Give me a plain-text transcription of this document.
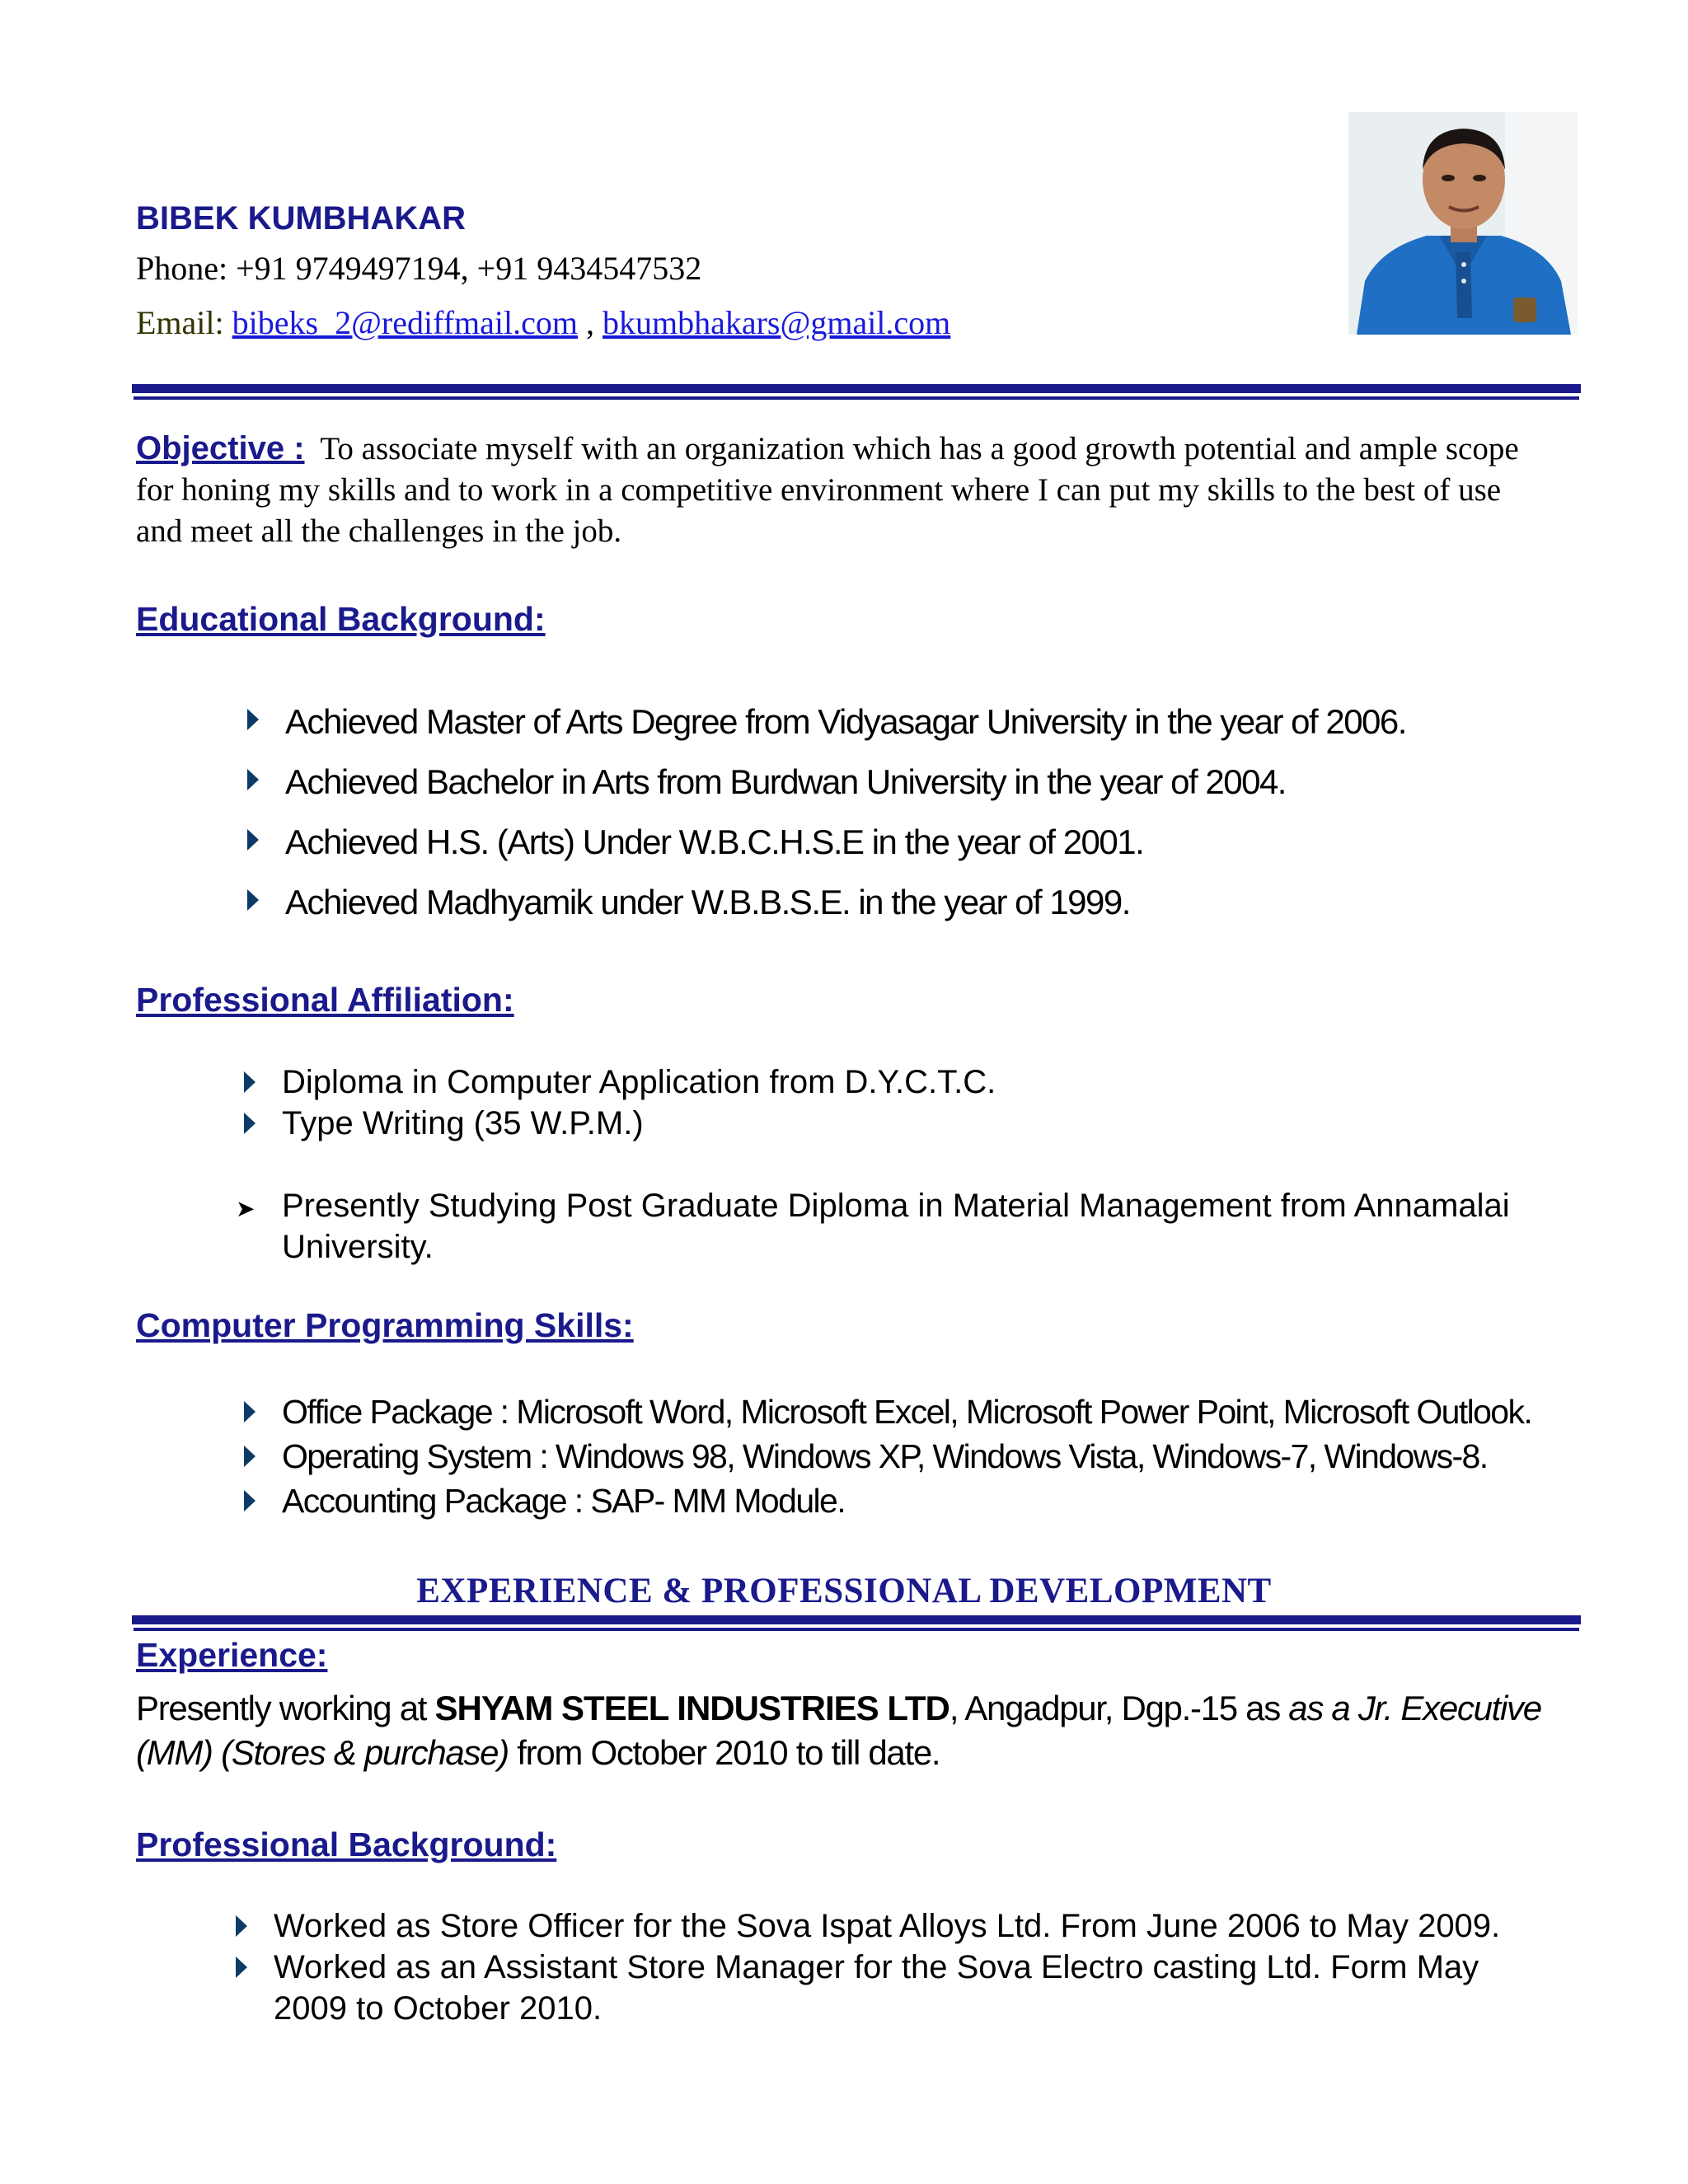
BIBEK KUMBHAKAR
Phone: +91 9749497194, +91 9434547532
Email: bibeks_2@rediffmail.com , bkumbhakars@gmail.com
Objective : To associate myself with an organization which has a good growth potential and ample scope for honing my skills and to work in a competitive environment where I can put my skills to the best of use and meet all the challenges in the job.
Educational Background:
Achieved Master of Arts Degree from Vidyasagar University in the year of 2006.
Achieved Bachelor in Arts from Burdwan University in the year of 2004.
Achieved H.S. (Arts) Under W.B.C.H.S.E in the year of 2001.
Achieved Madhyamik under W.B.B.S.E. in the year of 1999.
Professional Affiliation:
Diploma in Computer Application from D.Y.C.T.C.
Type Writing (35 W.P.M.)
➤ Presently Studying Post Graduate Diploma in Material Management from Annamalai University.
Computer Programming Skills:
Office Package : Microsoft Word, Microsoft Excel, Microsoft Power Point, Microsoft Outlook.
Operating System : Windows 98, Windows XP, Windows Vista, Windows-7, Windows-8.
Accounting Package : SAP- MM Module.
EXPERIENCE & PROFESSIONAL DEVELOPMENT
Experience:
Presently working at SHYAM STEEL INDUSTRIES LTD, Angadpur, Dgp.-15 as as a Jr. Executive (MM) (Stores & purchase) from October 2010 to till date.
Professional Background:
Worked as Store Officer for the Sova Ispat Alloys Ltd. From June 2006 to May 2009.
Worked as an Assistant Store Manager for the Sova Electro casting Ltd. Form May 2009 to October 2010.
